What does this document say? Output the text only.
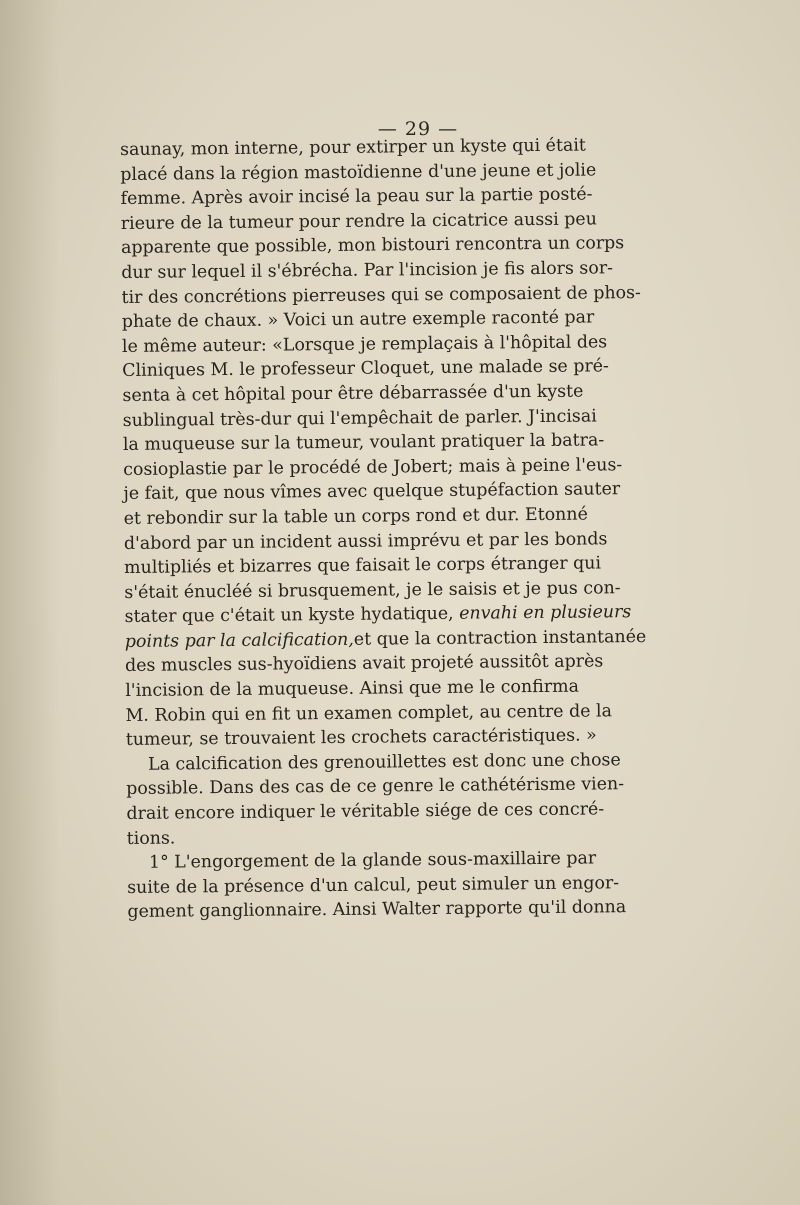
— 29 —
saunay, mon interne, pour extirper un kyste qui était
placé dans la région mastoïdienne d'une jeune et jolie
femme. Après avoir incisé la peau sur la partie posté-
rieure de la tumeur pour rendre la cicatrice aussi peu
apparente que possible, mon bistouri rencontra un corps
dur sur lequel il s'ébrécha. Par l'incision je fis alors sor-
tir des concrétions pierreuses qui se composaient de phos-
phate de chaux. » Voici un autre exemple raconté par
le même auteur: «Lorsque je remplaçais à l'hôpital des
Cliniques M. le professeur Cloquet, une malade se pré-
senta à cet hôpital pour être débarrassée d'un kyste
sublingual très-dur qui l'empêchait de parler. J'incisai
la muqueuse sur la tumeur, voulant pratiquer la batra-
cosioplastie par le procédé de Jobert; mais à peine l'eus-
je fait, que nous vîmes avec quelque stupéfaction sauter
et rebondir sur la table un corps rond et dur. Etonné
d'abord par un incident aussi imprévu et par les bonds
multipliés et bizarres que faisait le corps étranger qui
s'était énucléé si brusquement, je le saisis et je pus con-
stater que c'était un kyste hydatique, envahi en plusieurs
points par la calcification,et que la contraction instantanée
des muscles sus-hyoïdiens avait projeté aussitôt après
l'incision de la muqueuse. Ainsi que me le confirma
M. Robin qui en fit un examen complet, au centre de la
tumeur, se trouvaient les crochets caractéristiques. »
La calcification des grenouillettes est donc une chose
possible. Dans des cas de ce genre le cathétérisme vien-
drait encore indiquer le véritable siége de ces concré-
tions.
1° L'engorgement de la glande sous-maxillaire par
suite de la présence d'un calcul, peut simuler un engor-
gement ganglionnaire. Ainsi Walter rapporte qu'il donna
